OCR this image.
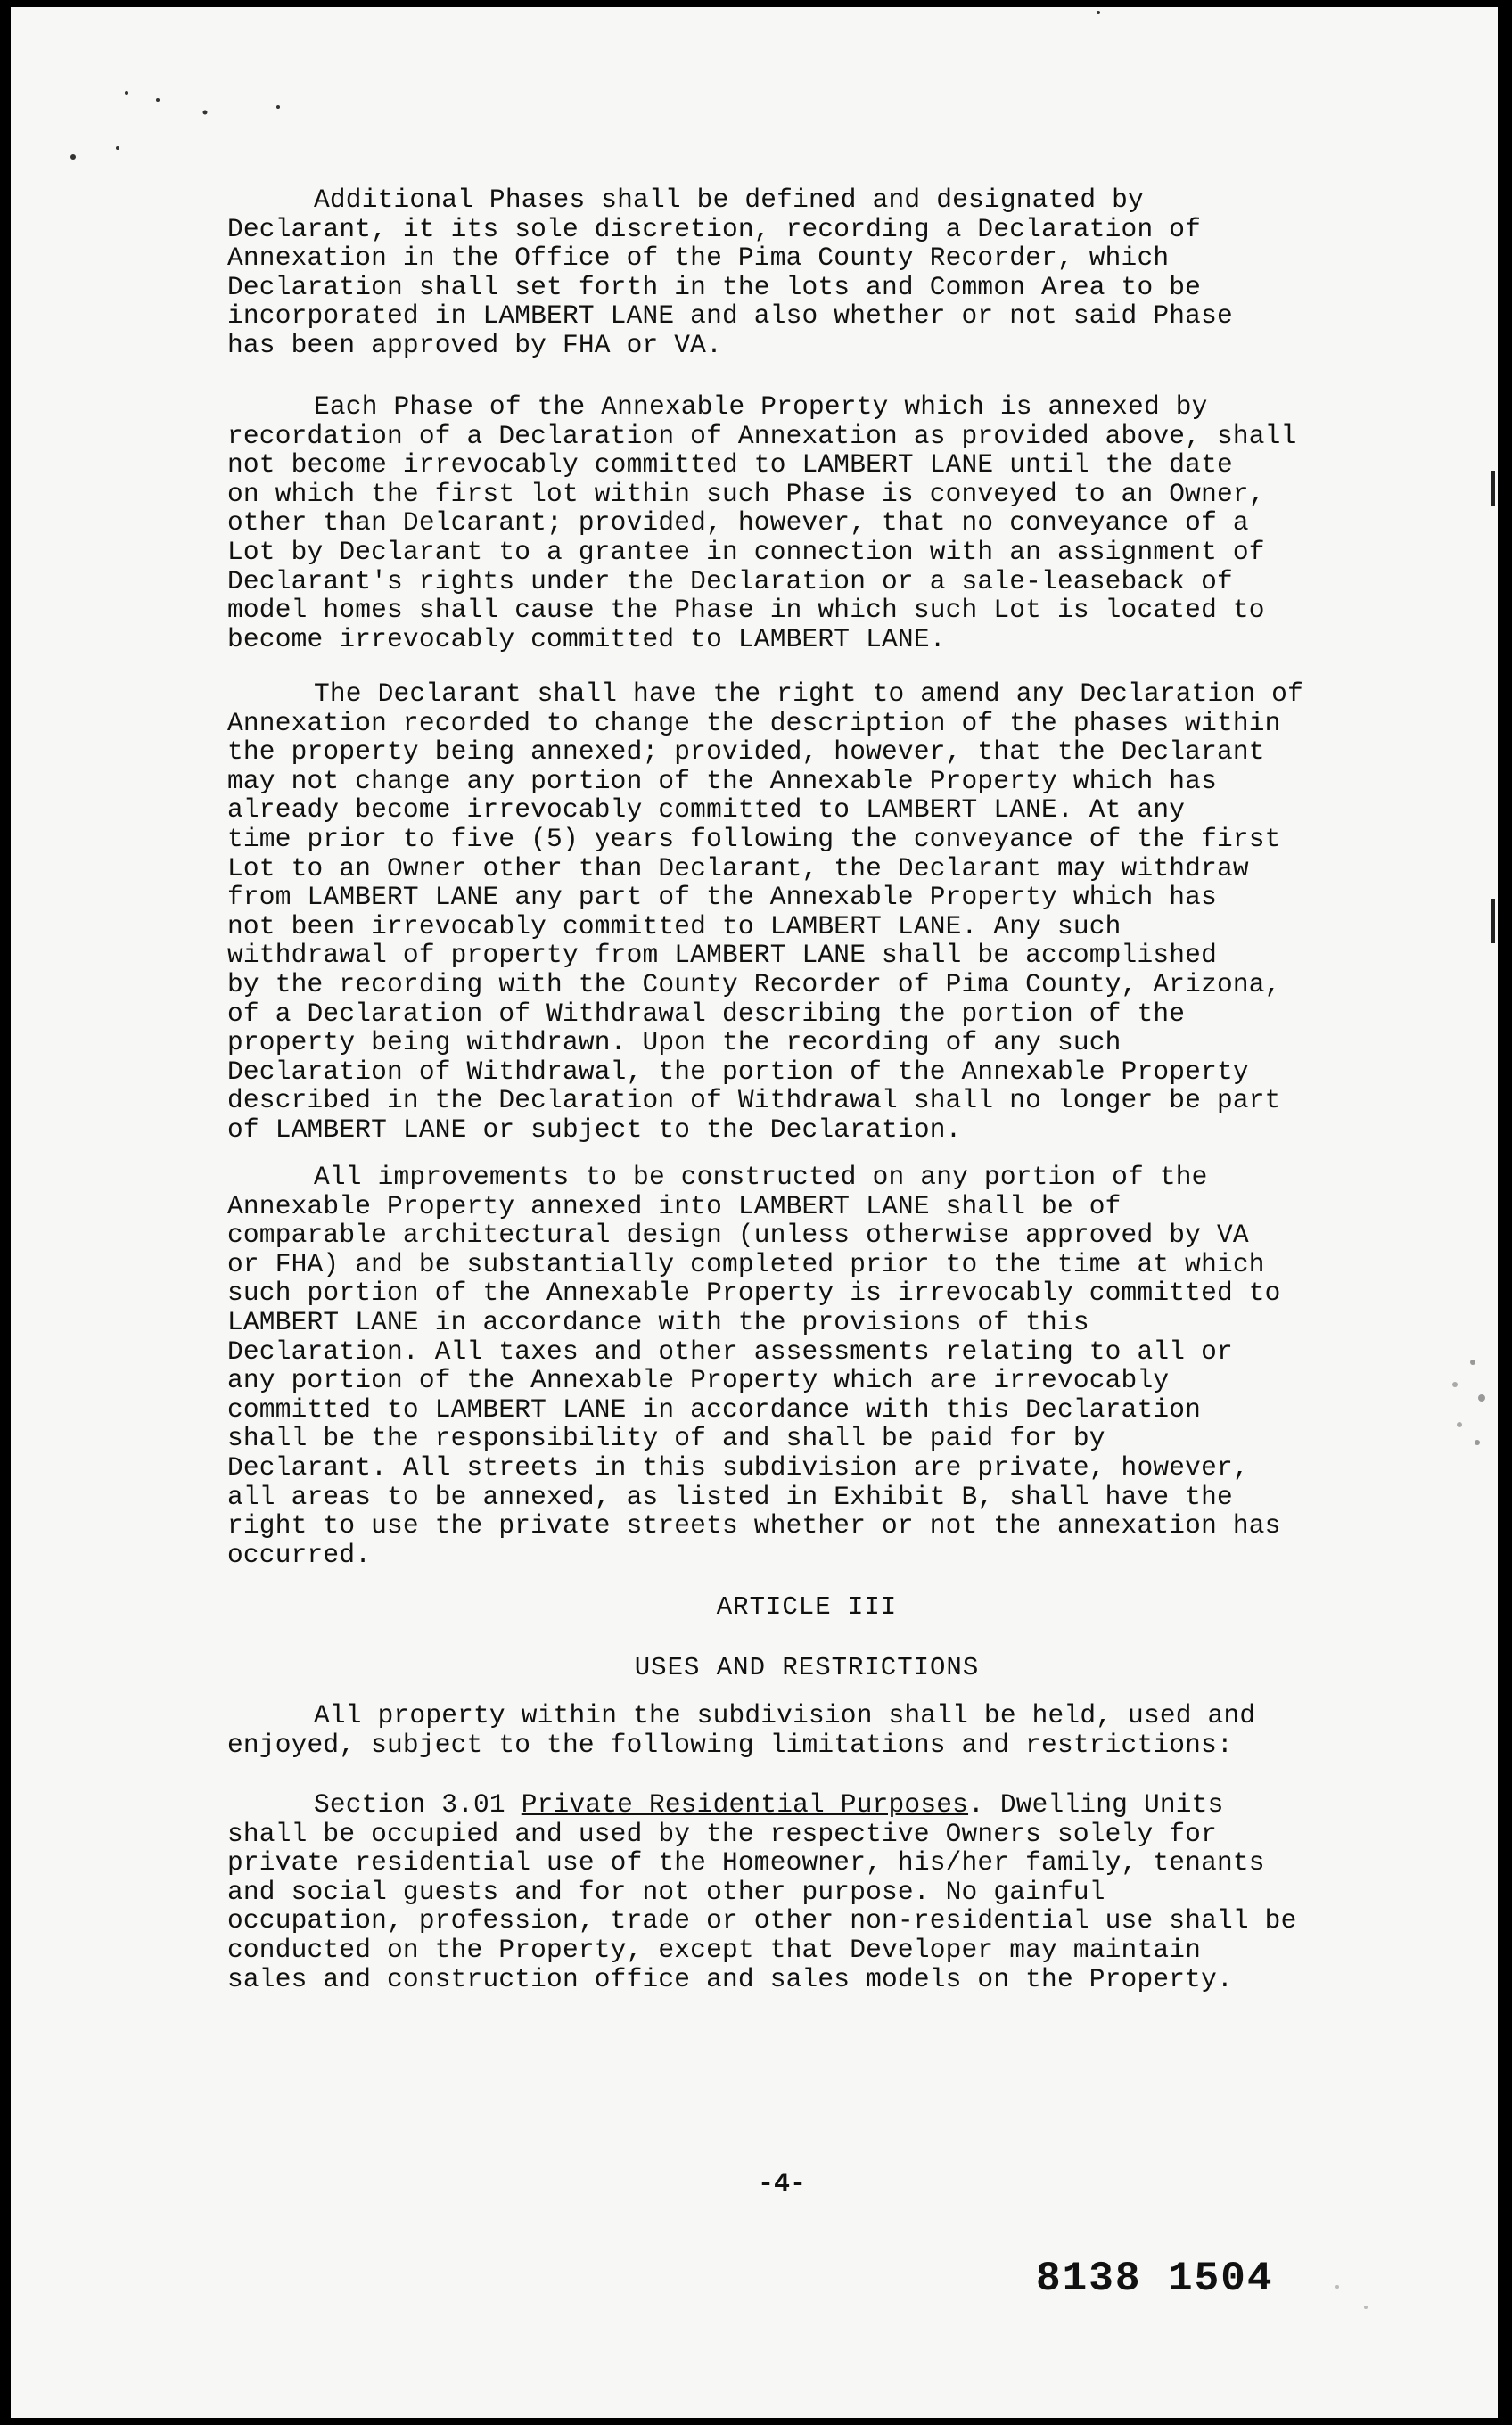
Additional Phases shall be defined and designated by
Declarant, it its sole discretion, recording a Declaration of
Annexation in the Office of the Pima County Recorder, which
Declaration shall set forth in the lots and Common Area to be
incorporated in LAMBERT LANE and also whether or not said Phase
has been approved by FHA or VA.
Each Phase of the Annexable Property which is annexed by
recordation of a Declaration of Annexation as provided above, shall
not become irrevocably committed to LAMBERT LANE until the date
on which the first lot within such Phase is conveyed to an Owner,
other than Delcarant; provided, however, that no conveyance of a
Lot by Declarant to a grantee in connection with an assignment of
Declarant's rights under the Declaration or a sale-leaseback of
model homes shall cause the Phase in which such Lot is located to
become irrevocably committed to LAMBERT LANE.
The Declarant shall have the right to amend any Declaration of
Annexation recorded to change the description of the phases within
the property being annexed; provided, however, that the Declarant
may not change any portion of the Annexable Property which has
already become irrevocably committed to LAMBERT LANE. At any
time prior to five (5) years following the conveyance of the first
Lot to an Owner other than Declarant, the Declarant may withdraw
from LAMBERT LANE any part of the Annexable Property which has
not been irrevocably committed to LAMBERT LANE. Any such
withdrawal of property from LAMBERT LANE shall be accomplished
by the recording with the County Recorder of Pima County, Arizona,
of a Declaration of Withdrawal describing the portion of the
property being withdrawn. Upon the recording of any such
Declaration of Withdrawal, the portion of the Annexable Property
described in the Declaration of Withdrawal shall no longer be part
of LAMBERT LANE or subject to the Declaration.
All improvements to be constructed on any portion of the
Annexable Property annexed into LAMBERT LANE shall be of
comparable architectural design (unless otherwise approved by VA
or FHA) and be substantially completed prior to the time at which
such portion of the Annexable Property is irrevocably committed to
LAMBERT LANE in accordance with the provisions of this
Declaration. All taxes and other assessments relating to all or
any portion of the Annexable Property which are irrevocably
committed to LAMBERT LANE in accordance with this Declaration
shall be the responsibility of and shall be paid for by
Declarant. All streets in this subdivision are private, however,
all areas to be annexed, as listed in Exhibit B, shall have the
right to use the private streets whether or not the annexation has
occurred.
ARTICLE III
USES AND RESTRICTIONS
All property within the subdivision shall be held, used and
enjoyed, subject to the following limitations and restrictions:
Section 3.01 Private Residential Purposes. Dwelling Units
shall be occupied and used by the respective Owners solely for
private residential use of the Homeowner, his/her family, tenants
and social guests and for not other purpose. No gainful
occupation, profession, trade or other non-residential use shall be
conducted on the Property, except that Developer may maintain
sales and construction office and sales models on the Property.
-4-
8138 1504
